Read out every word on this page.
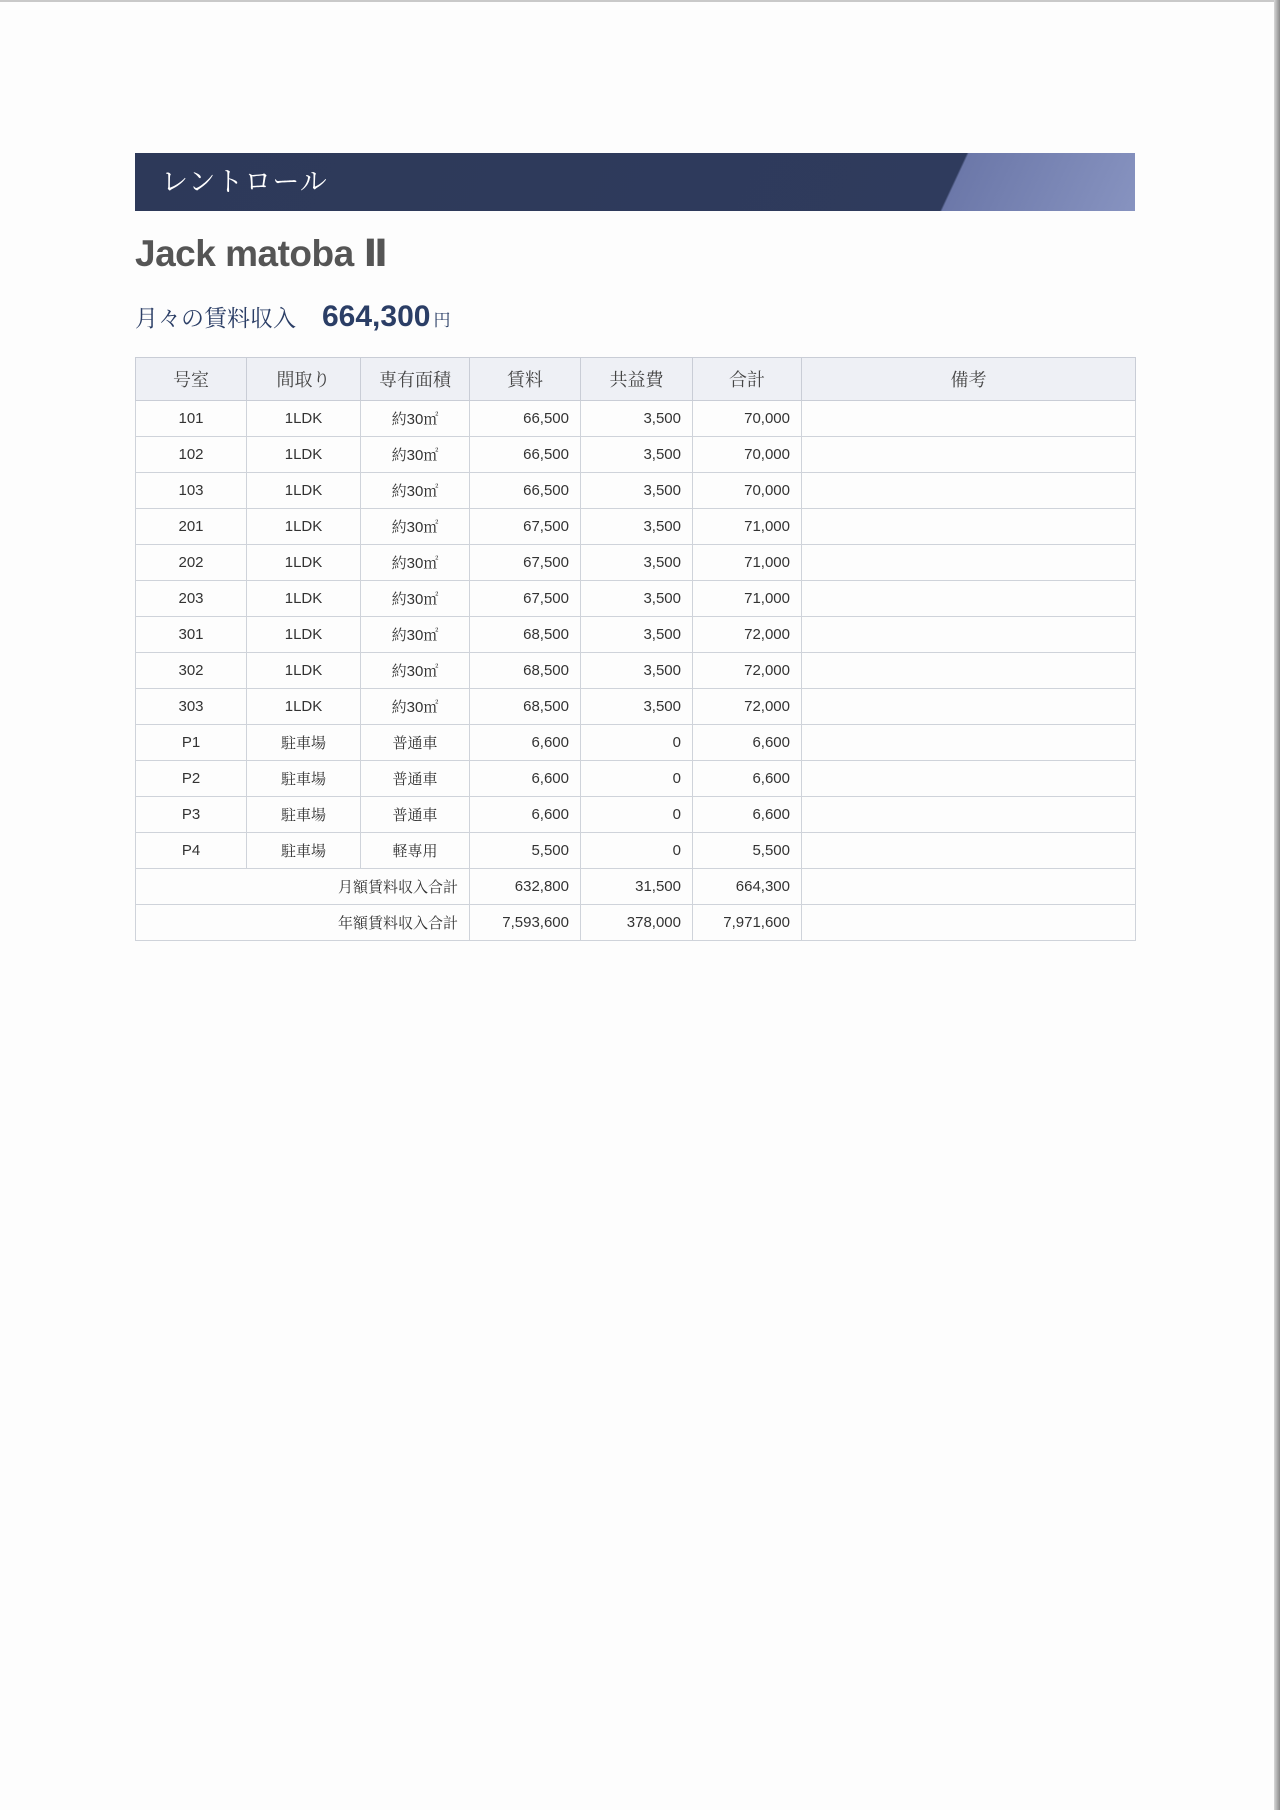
レントロール
Jack matoba Ⅱ
月々の賃料収入 664,300 円
号室	間取り	専有面積	賃料	共益費	合計	備考
101	1LDK	約30㎡	66,500	3,500	70,000	
102	1LDK	約30㎡	66,500	3,500	70,000	
103	1LDK	約30㎡	66,500	3,500	70,000	
201	1LDK	約30㎡	67,500	3,500	71,000	
202	1LDK	約30㎡	67,500	3,500	71,000	
203	1LDK	約30㎡	67,500	3,500	71,000	
301	1LDK	約30㎡	68,500	3,500	72,000	
302	1LDK	約30㎡	68,500	3,500	72,000	
303	1LDK	約30㎡	68,500	3,500	72,000	
P1	駐車場	普通車	6,600	0	6,600	
P2	駐車場	普通車	6,600	0	6,600	
P3	駐車場	普通車	6,600	0	6,600	
P4	駐車場	軽専用	5,500	0	5,500	
月額賃料収入合計			632,800	31,500	664,300	
年額賃料収入合計			7,593,600	378,000	7,971,600	
